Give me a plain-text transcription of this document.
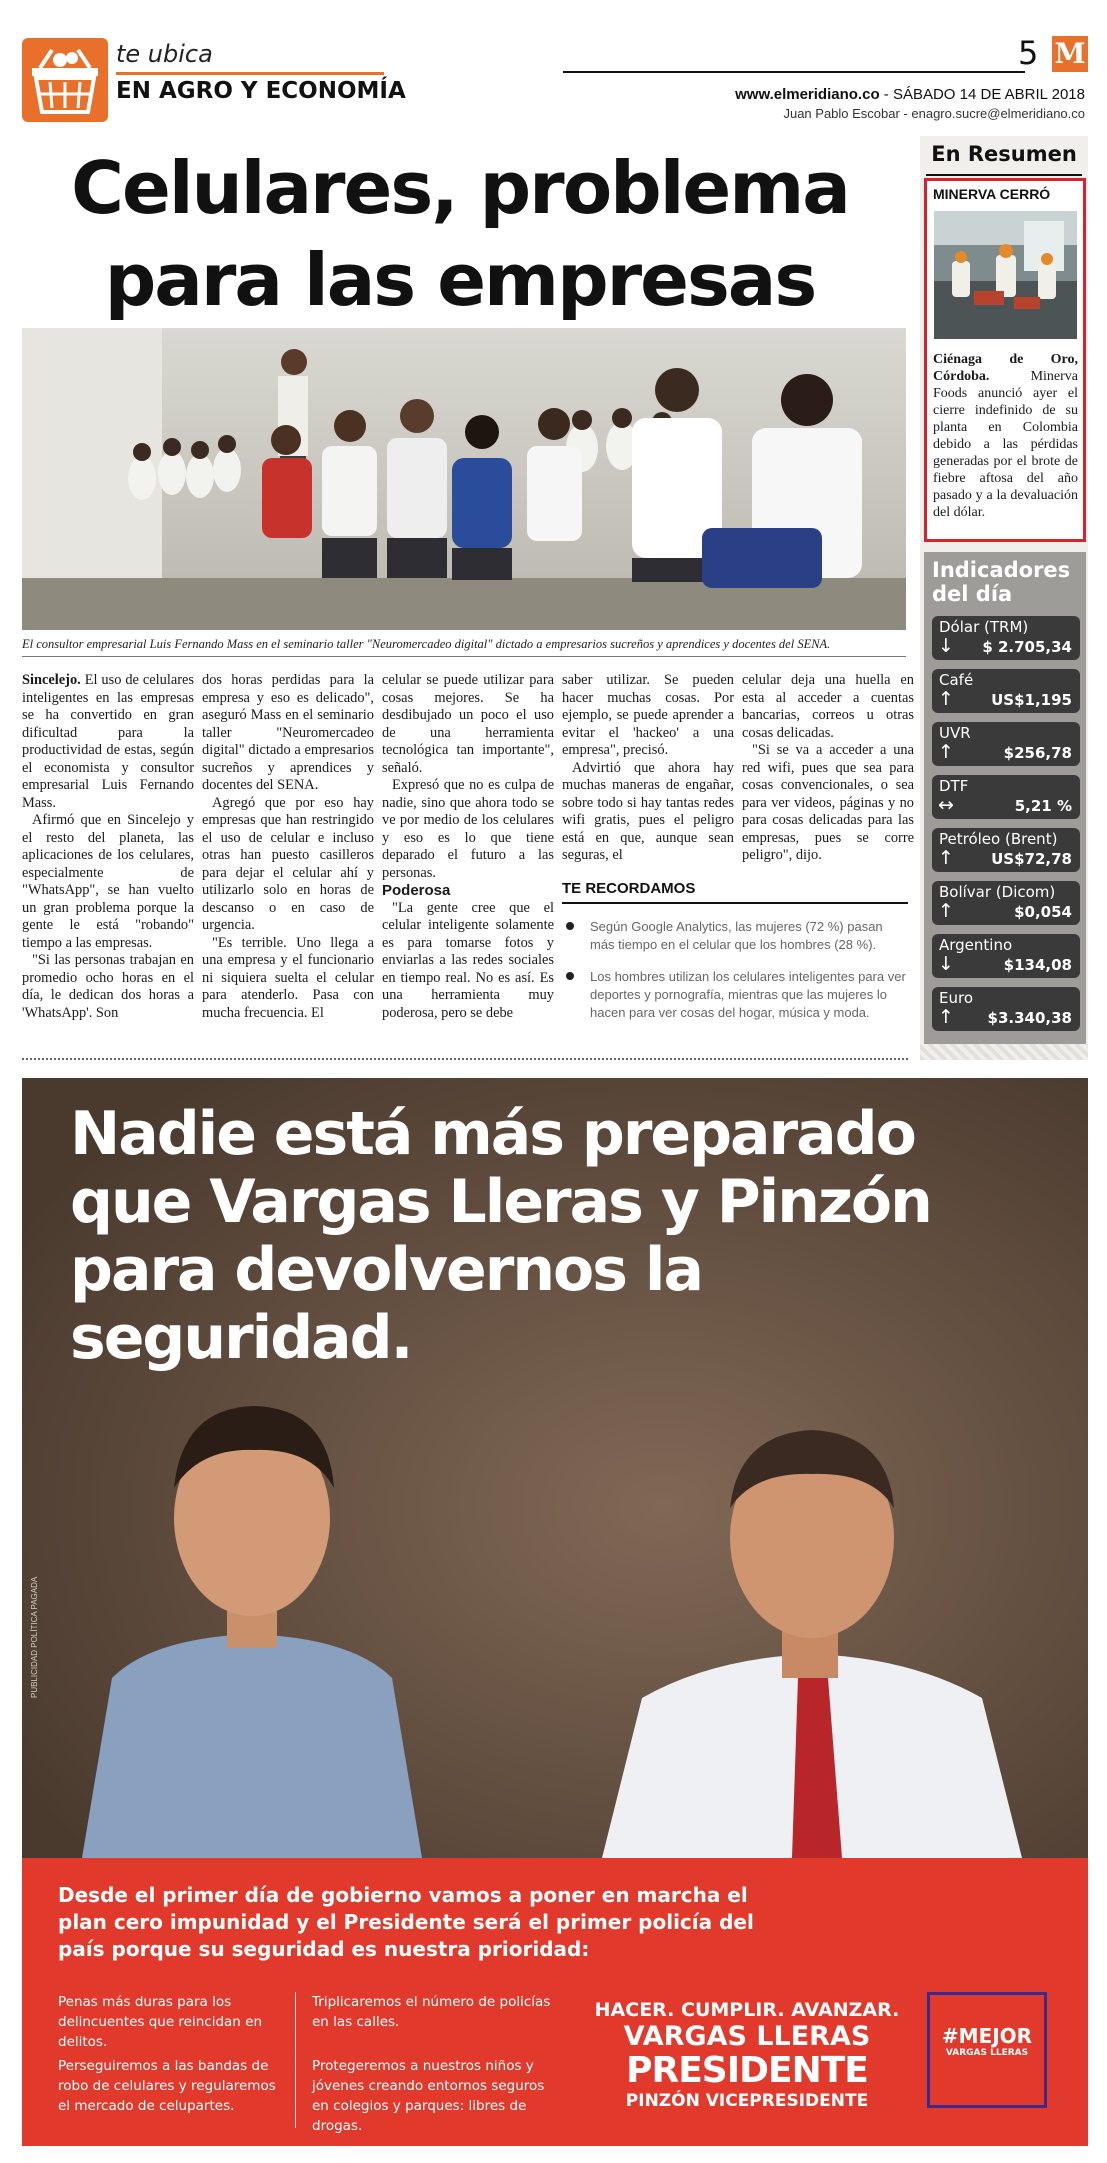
te ubica
EN AGRO Y ECONOMÍA
5 M
www.elmeridiano.co - SÁBADO 14 DE ABRIL 2018
Juan Pablo Escobar - enagro.sucre@elmeridiano.co
Celulares, problema
para las empresas
El consultor empresarial Luis Fernando Mass en el seminario taller "Neuromercadeo digital" dictado a empresarios sucreños y aprendices y docentes del SENA.

Sincelejo. El uso de celulares inteligentes en las empresas se ha convertido en gran dificultad para la productividad de estas, según el economista y consultor empresarial Luis Fernando Mass.

Afirmó que en Sincelejo y el resto del planeta, las aplicaciones de los celulares, especialmente de "WhatsApp", se han vuelto un gran problema porque la gente le está "robando" tiempo a las empresas.

"Si las personas trabajan en promedio ocho horas en el día, le dedican dos horas a 'WhatsApp'. Son

dos horas perdidas para la empresa y eso es delicado", aseguró Mass en el seminario taller "Neuromercadeo digital" dictado a empresarios sucreños y aprendices y docentes del SENA.

Agregó que por eso hay empresas que han restringido el uso de celular e incluso otras han puesto casilleros para dejar el celular ahí y utilizarlo solo en horas de descanso o en caso de urgencia.

"Es terrible. Uno llega a una empresa y el funcionario ni siquiera suelta el celular para atenderlo. Pasa con mucha frecuencia. El

celular se puede utilizar para cosas mejores. Se ha desdibujado un poco el uso de una herramienta tecnológica tan importante", señaló.

Expresó que no es culpa de nadie, sino que ahora todo se ve por medio de los celulares y eso es lo que tiene deparado el futuro a las personas.

Poderosa

"La gente cree que el celular inteligente solamente es para tomarse fotos y enviarlas a las redes sociales en tiempo real. No es así. Es una herramienta muy poderosa, pero se debe

saber utilizar. Se pueden hacer muchas cosas. Por ejemplo, se puede aprender a evitar el 'hackeo' a una empresa", precisó.

Advirtió que ahora hay muchas maneras de engañar, sobre todo si hay tantas redes wifi gratis, pues el peligro está en que, aunque sean seguras, el

celular deja una huella en esta al acceder a cuentas bancarias, correos u otras cosas delicadas.

"Si se va a acceder a una red wifi, pues que sea para cosas convencionales, o sea para ver videos, páginas y no para cosas delicadas para las empresas, pues se corre peligro", dijo.

TE RECORDAMOS
Según Google Analytics, las mujeres (72 %) pasan más tiempo en el celular que los hombres (28 %).
Los hombres utilizan los celulares inteligentes para ver deportes y pornografía, mientras que las mujeres lo hacen para ver cosas del hogar, música y moda.
En Resumen
MINERVA CERRÓ
Ciénaga de Oro, Córdoba.	Minerva Foods anunció ayer el cierre indefinido de su planta en Colombia debido a las pérdidas generadas por el brote de fiebre aftosa del año pasado y a la devaluación del dólar.
Indicadores del día
Dólar (TRM)
↓ $ 2.705,34
Café
↑ US$1,195
UVR
↑	$256,78
DTF
↔	5,21 %
Petróleo (Brent)
↑ US$72,78
Bolívar (Dicom)
↑	$0,054
Argentino
↓	$134,08
Euro
↑ $3.340,38
Nadie está más preparado que Vargas Lleras y Pinzón para devolvernos la seguridad.
PUBLICIDAD POLÍTICA PAGADA
Desde el primer día de gobierno vamos a poner en marcha el plan cero impunidad y el Presidente será el primer policía del país porque su seguridad es nuestra prioridad:
Penas más duras para los delincuentes que reincidan en delitos.
Perseguiremos a las bandas de robo de celulares y regularemos el mercado de celupartes.
Triplicaremos el número de policías en las calles.
Protegeremos a nuestros niños y jóvenes creando entornos seguros en colegios y parques: libres de drogas.
HACER. CUMPLIR. AVANZAR.
VARGAS LLERAS
PRESIDENTE
PINZÓN VICEPRESIDENTE
#MEJOR
VARGAS LLERAS
